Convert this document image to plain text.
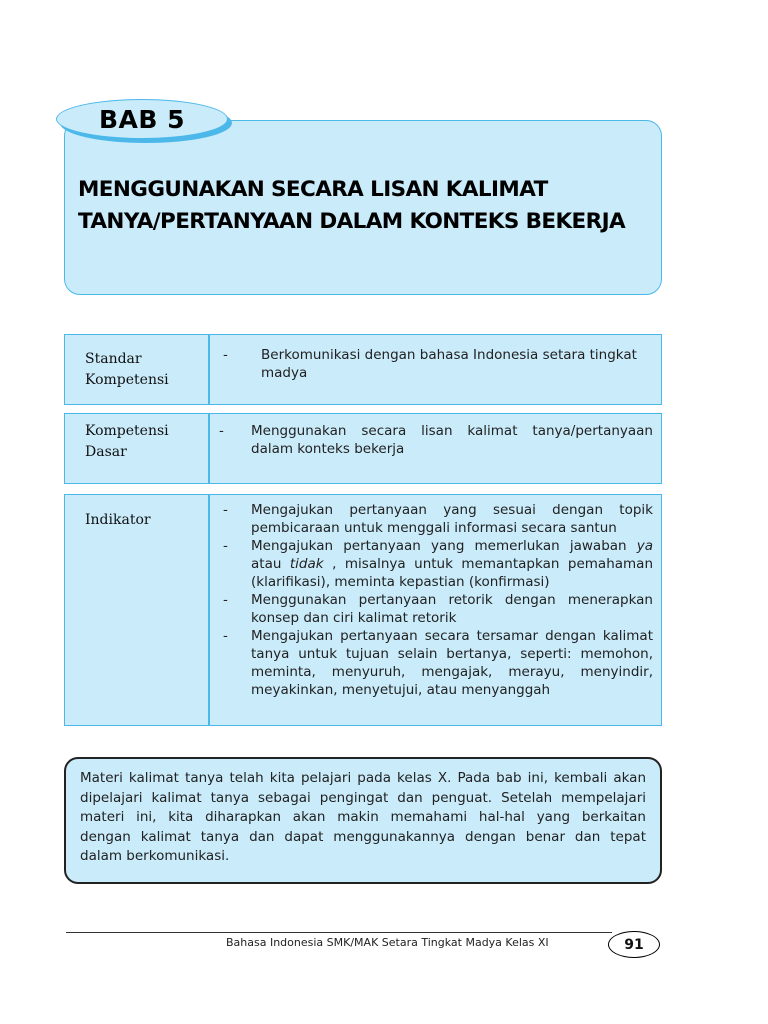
BAB 5
MENGGUNAKAN SECARA LISAN KALIMAT
TANYA/PERTANYAAN DALAM KONTEKS BEKERJA
Standar
Kompetensi
-	Berkomunikasi dengan bahasa Indonesia setara tingkat madya
Kompetensi
Dasar
-	Menggunakan secara lisan kalimat tanya/pertanyaan dalam konteks bekerja
Indikator
-	Mengajukan pertanyaan yang sesuai dengan topik pembicaraan untuk menggali informasi secara santun
-	Mengajukan pertanyaan yang memerlukan jawaban ya atau tidak , misalnya untuk memantapkan pemahaman (klarifikasi), meminta kepastian (konfirmasi)
-	Menggunakan pertanyaan retorik dengan menerapkan konsep dan ciri kalimat retorik
-	Mengajukan pertanyaan secara tersamar dengan kalimat tanya untuk tujuan selain bertanya, seperti: memohon, meminta, menyuruh, mengajak, merayu, menyindir, meyakinkan, menyetujui, atau menyanggah
Materi kalimat tanya telah kita pelajari pada kelas X. Pada bab ini, kembali akan
dipelajari kalimat tanya sebagai pengingat dan penguat. Setelah mempelajari
materi ini, kita diharapkan akan makin memahami hal-hal yang berkaitan
dengan kalimat tanya dan dapat menggunakannya dengan benar dan tepat
dalam berkomunikasi.
Bahasa Indonesia SMK/MAK Setara Tingkat Madya Kelas XI	91
